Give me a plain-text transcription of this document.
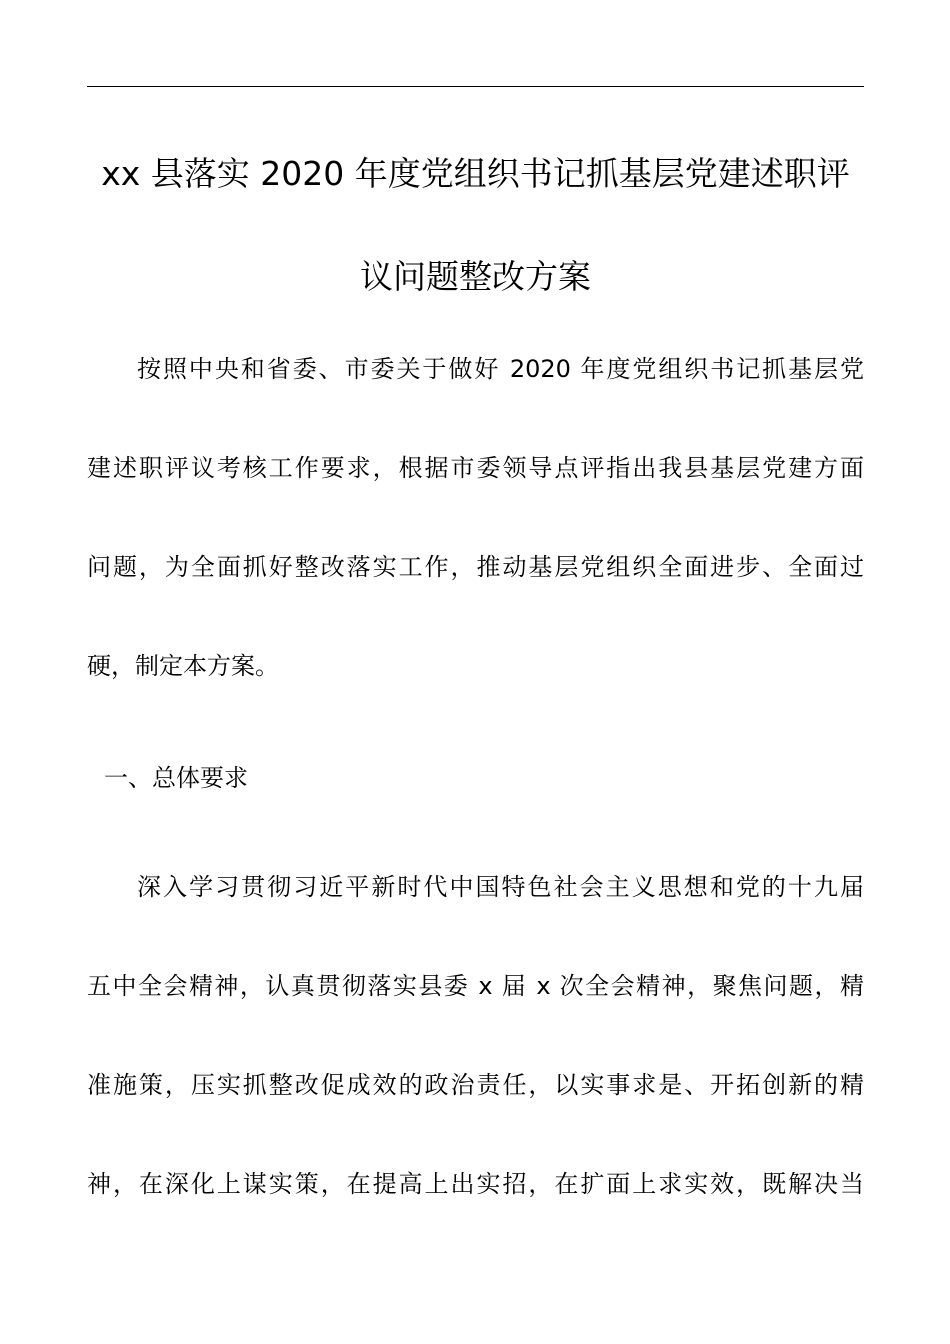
xx 县落实 2020 年度党组织书记抓基层党建述职评
议问题整改方案
按照中央和省委、市委关于做好 2020 年度党组织书记抓基层党
建述职评议考核工作要求，根据市委领导点评指出我县基层党建方面
问题，为全面抓好整改落实工作，推动基层党组织全面进步、全面过
硬，制定本方案。
一、总体要求
深入学习贯彻习近平新时代中国特色社会主义思想和党的十九届
五中全会精神，认真贯彻落实县委 x 届 x 次全会精神，聚焦问题，精
准施策，压实抓整改促成效的政治责任，以实事求是、开拓创新的精
神，在深化上谋实策，在提高上出实招，在扩面上求实效，既解决当
